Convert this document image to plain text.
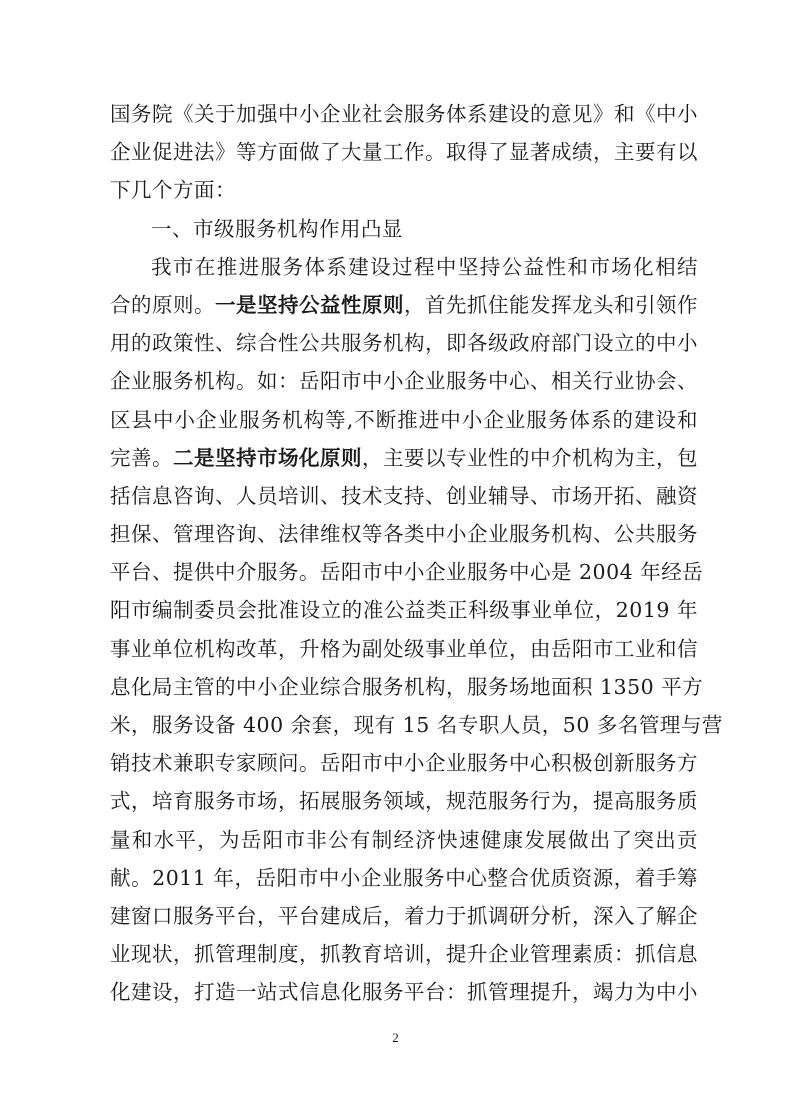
国务院《关于加强中小企业社会服务体系建设的意见》和《中小
企业促进法》等方面做了大量工作。取得了显著成绩，主要有以
下几个方面：
一、市级服务机构作用凸显
我市在推进服务体系建设过程中坚持公益性和市场化相结
合的原则。一是坚持公益性原则，首先抓住能发挥龙头和引领作
用的政策性、综合性公共服务机构，即各级政府部门设立的中小
企业服务机构。如：岳阳市中小企业服务中心、相关行业协会、
区县中小企业服务机构等,不断推进中小企业服务体系的建设和
完善。二是坚持市场化原则，主要以专业性的中介机构为主，包
括信息咨询、人员培训、技术支持、创业辅导、市场开拓、融资
担保、管理咨询、法律维权等各类中小企业服务机构、公共服务
平台、提供中介服务。岳阳市中小企业服务中心是 2004 年经岳
阳市编制委员会批准设立的准公益类正科级事业单位，2019 年
事业单位机构改革，升格为副处级事业单位，由岳阳市工业和信
息化局主管的中小企业综合服务机构，服务场地面积 1350 平方
米，服务设备 400 余套，现有 15 名专职人员，50 多名管理与营
销技术兼职专家顾问。岳阳市中小企业服务中心积极创新服务方
式，培育服务市场，拓展服务领域，规范服务行为，提高服务质
量和水平，为岳阳市非公有制经济快速健康发展做出了突出贡
献。2011 年，岳阳市中小企业服务中心整合优质资源，着手筹
建窗口服务平台，平台建成后，着力于抓调研分析，深入了解企
业现状，抓管理制度，抓教育培训，提升企业管理素质：抓信息
化建设，打造一站式信息化服务平台：抓管理提升，竭力为中小
2
